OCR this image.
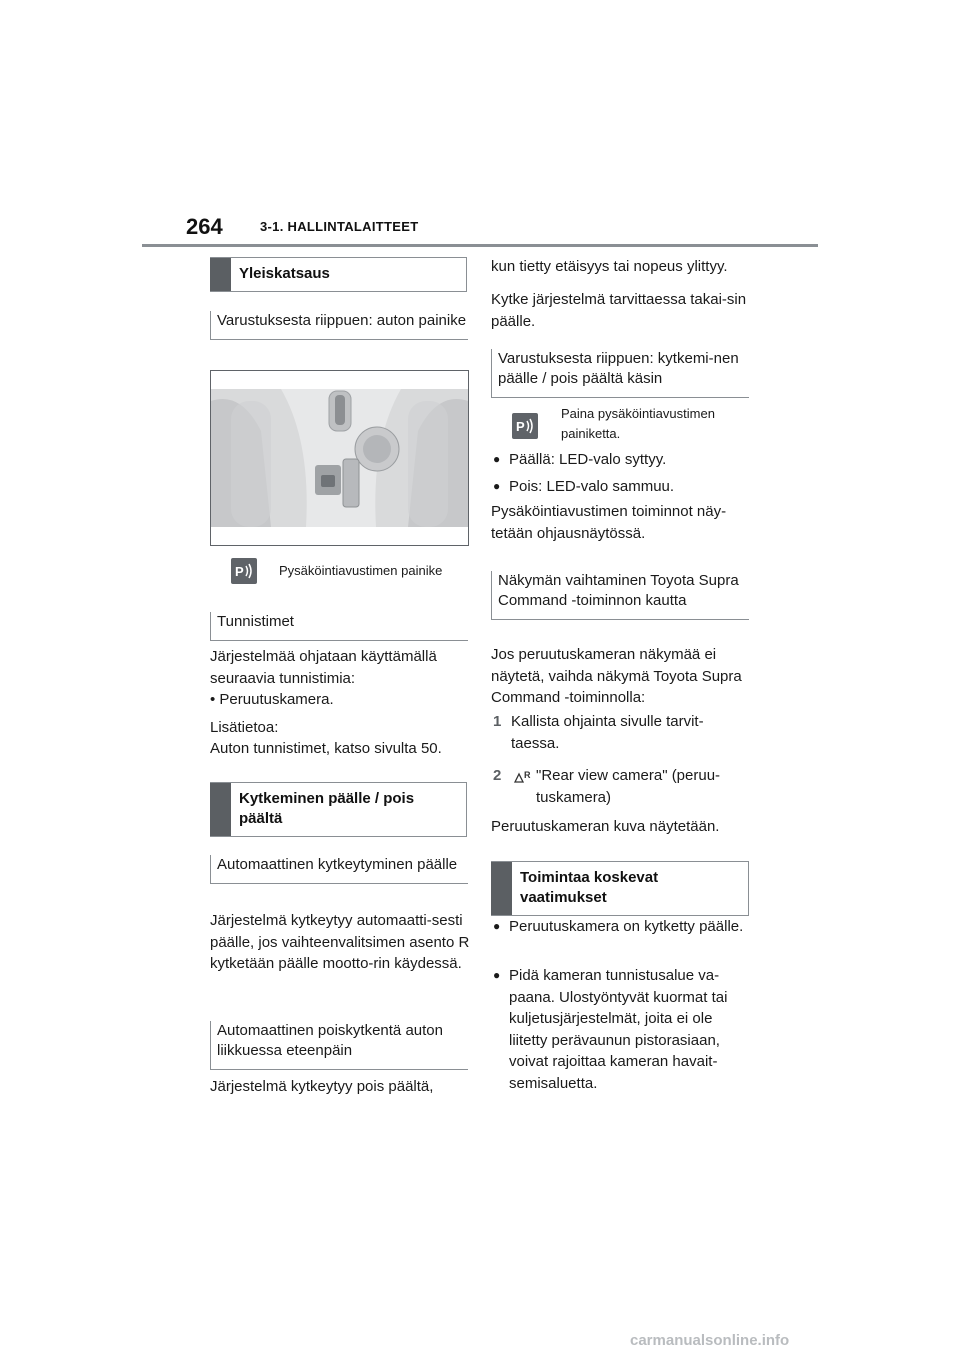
264	3-1. HALLINTALAITTEET
Yleiskatsaus
Varustuksesta riippuen: auton painike
P	Pysäköintiavustimen painike
Tunnistimet
Järjestelmää ohjataan käyttämällä seuraavia tunnistimia:
• Peruutuskamera.
Lisätietoa:
Auton tunnistimet, katso sivulta 50.
Kytkeminen päälle / pois päältä
Automaattinen kytkeytyminen päälle
Järjestelmä kytkeytyy automaatti-sesti päälle, jos vaihteenvalitsimen asento R kytketään päälle mootto-rin käydessä.
Automaattinen poiskytkentä auton liikkuessa eteenpäin
Järjestelmä kytkeytyy pois päältä,
kun tietty etäisyys tai nopeus ylittyy.
Kytke järjestelmä tarvittaessa takai-sin päälle.
Varustuksesta riippuen: kytkemi-nen päälle / pois päältä käsin
P
Paina pysäköintiavustimen painiketta.
● Päällä: LED-valo syttyy.
● Pois: LED-valo sammuu.
Pysäköintiavustimen toiminnot näy-tetään ohjausnäytössä.
Näkymän vaihtaminen Toyota Supra Command -toiminnon kautta
Jos peruutuskameran näkymää ei näytetä, vaihda näkymä Toyota Supra Command -toiminnolla:
1 Kallista ohjainta sivulle tarvit-taessa.
2	R "Rear view camera" (peruu-tuskamera)
Peruutuskameran kuva näytetään.
Toimintaa koskevat vaatimukset
● Peruutuskamera on kytketty päälle.
● Pidä kameran tunnistusalue va-paana. Ulostyöntyvät kuormat tai kuljetusjärjestelmät, joita ei ole liitetty perävaunun pistorasiaan, voivat rajoittaa kameran havait-semisaluetta.
carmanualsonline.info
